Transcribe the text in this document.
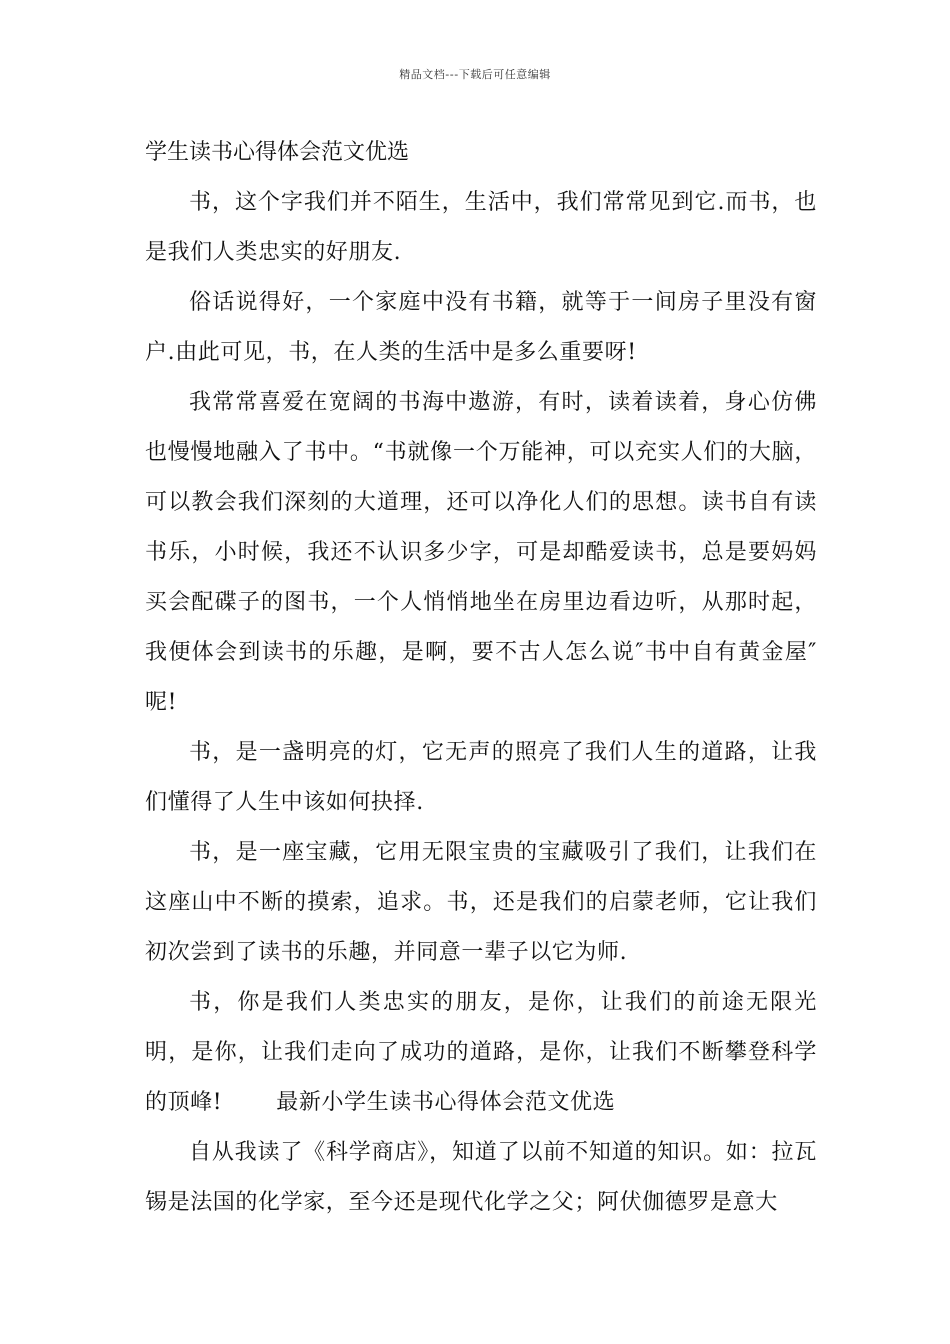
精品文档---下载后可任意编辑
学生读书心得体会范文优选

书，这个字我们并不陌生，生活中，我们常常见到它.而书，也是我们人类忠实的好朋友.

俗话说得好，一个家庭中没有书籍，就等于一间房子里没有窗户.由此可见，书，在人类的生活中是多么重要呀!

我常常喜爱在宽阔的书海中遨游，有时，读着读着，身心仿佛也慢慢地融入了书中。“书就像一个万能神，可以充实人们的大脑，可以教会我们深刻的大道理，还可以净化人们的思想。读书自有读书乐，小时候，我还不认识多少字，可是却酷爱读书，总是要妈妈买会配碟子的图书，一个人悄悄地坐在房里边看边听，从那时起，我便体会到读书的乐趣，是啊，要不古人怎么说″书中自有黄金屋″呢!

书，是一盏明亮的灯，它无声的照亮了我们人生的道路，让我们懂得了人生中该如何抉择.

书，是一座宝藏，它用无限宝贵的宝藏吸引了我们，让我们在这座山中不断的摸索，追求。书，还是我们的启蒙老师，它让我们初次尝到了读书的乐趣，并同意一辈子以它为师.

书，你是我们人类忠实的朋友，是你，让我们的前途无限光明，是你，让我们走向了成功的道路，是你，让我们不断攀登科学的顶峰! 最新小学生读书心得体会范文优选

自从我读了《科学商店》，知道了以前不知道的知识。如：拉瓦锡是法国的化学家，至今还是现代化学之父；阿伏伽德罗是意大
